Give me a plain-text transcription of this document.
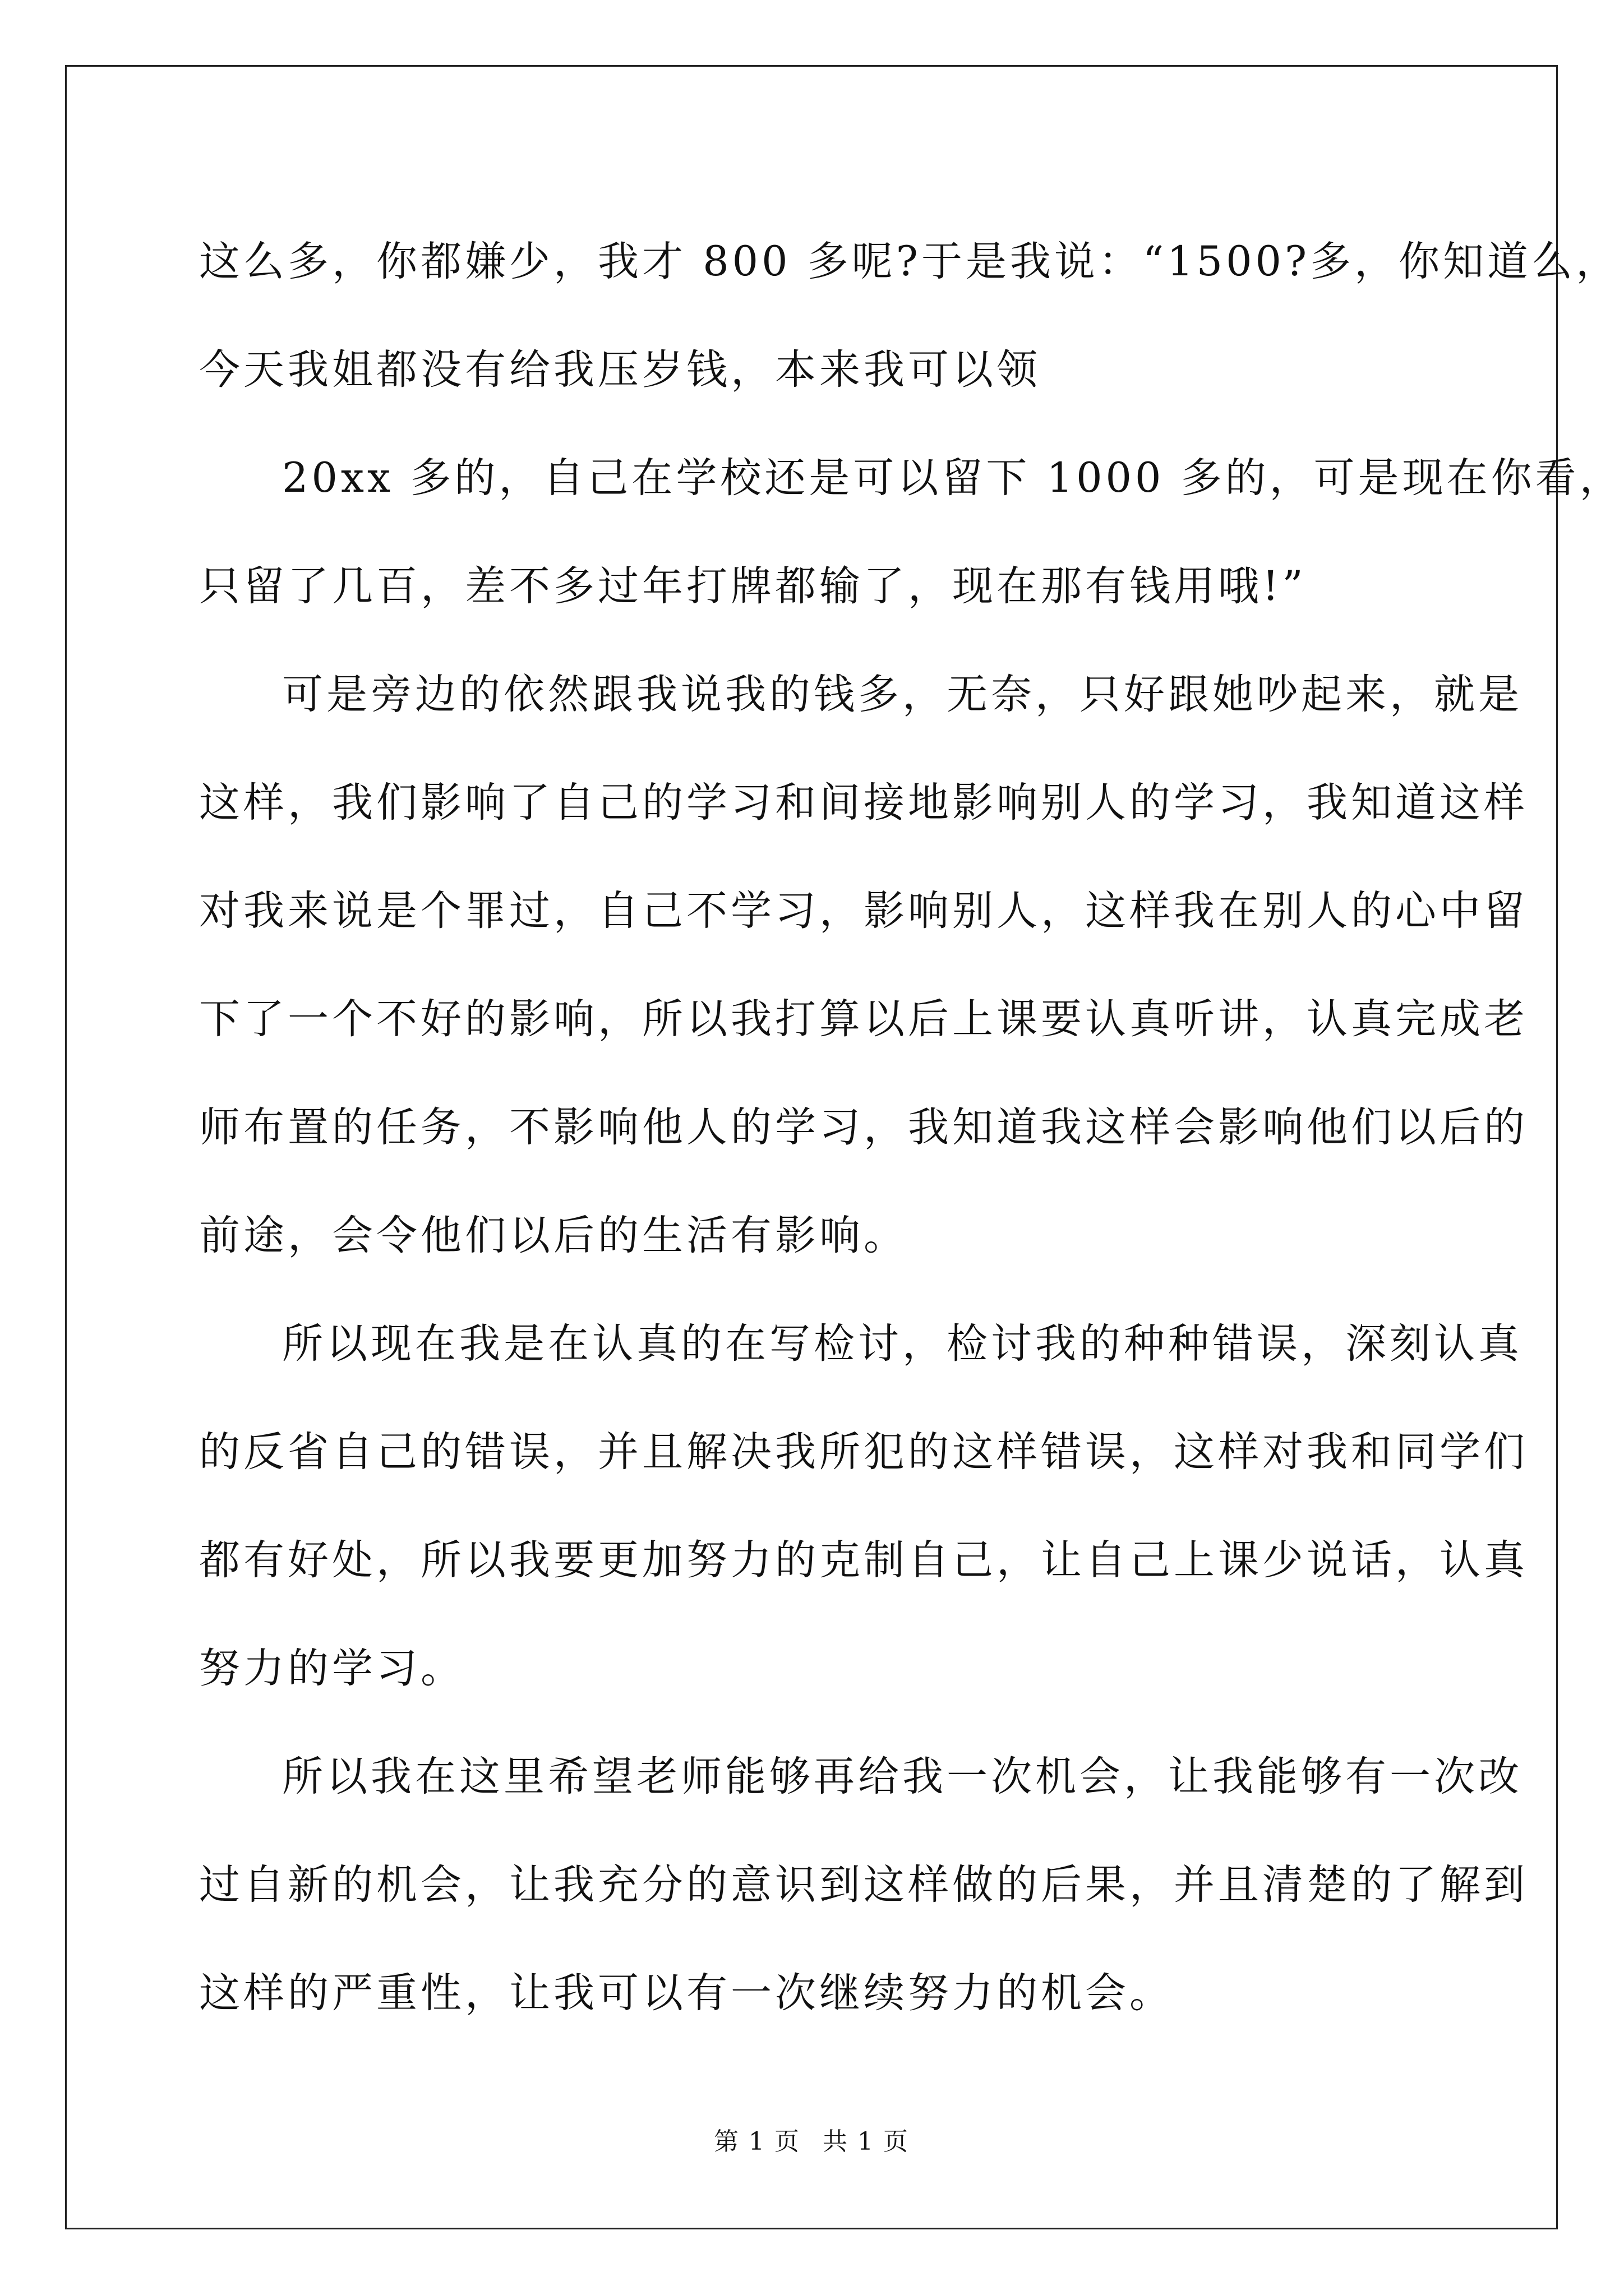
这么多，你都嫌少，我才 800 多呢?于是我说：“1500?多，你知道么，
今天我姐都没有给我压岁钱，本来我可以领
20xx 多的，自己在学校还是可以留下 1000 多的，可是现在你看，
只留了几百，差不多过年打牌都输了，现在那有钱用哦!”
可是旁边的依然跟我说我的钱多，无奈，只好跟她吵起来，就是
这样，我们影响了自己的学习和间接地影响别人的学习，我知道这样
对我来说是个罪过，自己不学习，影响别人，这样我在别人的心中留
下了一个不好的影响，所以我打算以后上课要认真听讲，认真完成老
师布置的任务，不影响他人的学习，我知道我这样会影响他们以后的
前途，会令他们以后的生活有影响。
所以现在我是在认真的在写检讨，检讨我的种种错误，深刻认真
的反省自己的错误，并且解决我所犯的这样错误，这样对我和同学们
都有好处，所以我要更加努力的克制自己，让自己上课少说话，认真
努力的学习。
所以我在这里希望老师能够再给我一次机会，让我能够有一次改
过自新的机会，让我充分的意识到这样做的后果，并且清楚的了解到
这样的严重性，让我可以有一次继续努力的机会。
第 1 页 共 1 页
